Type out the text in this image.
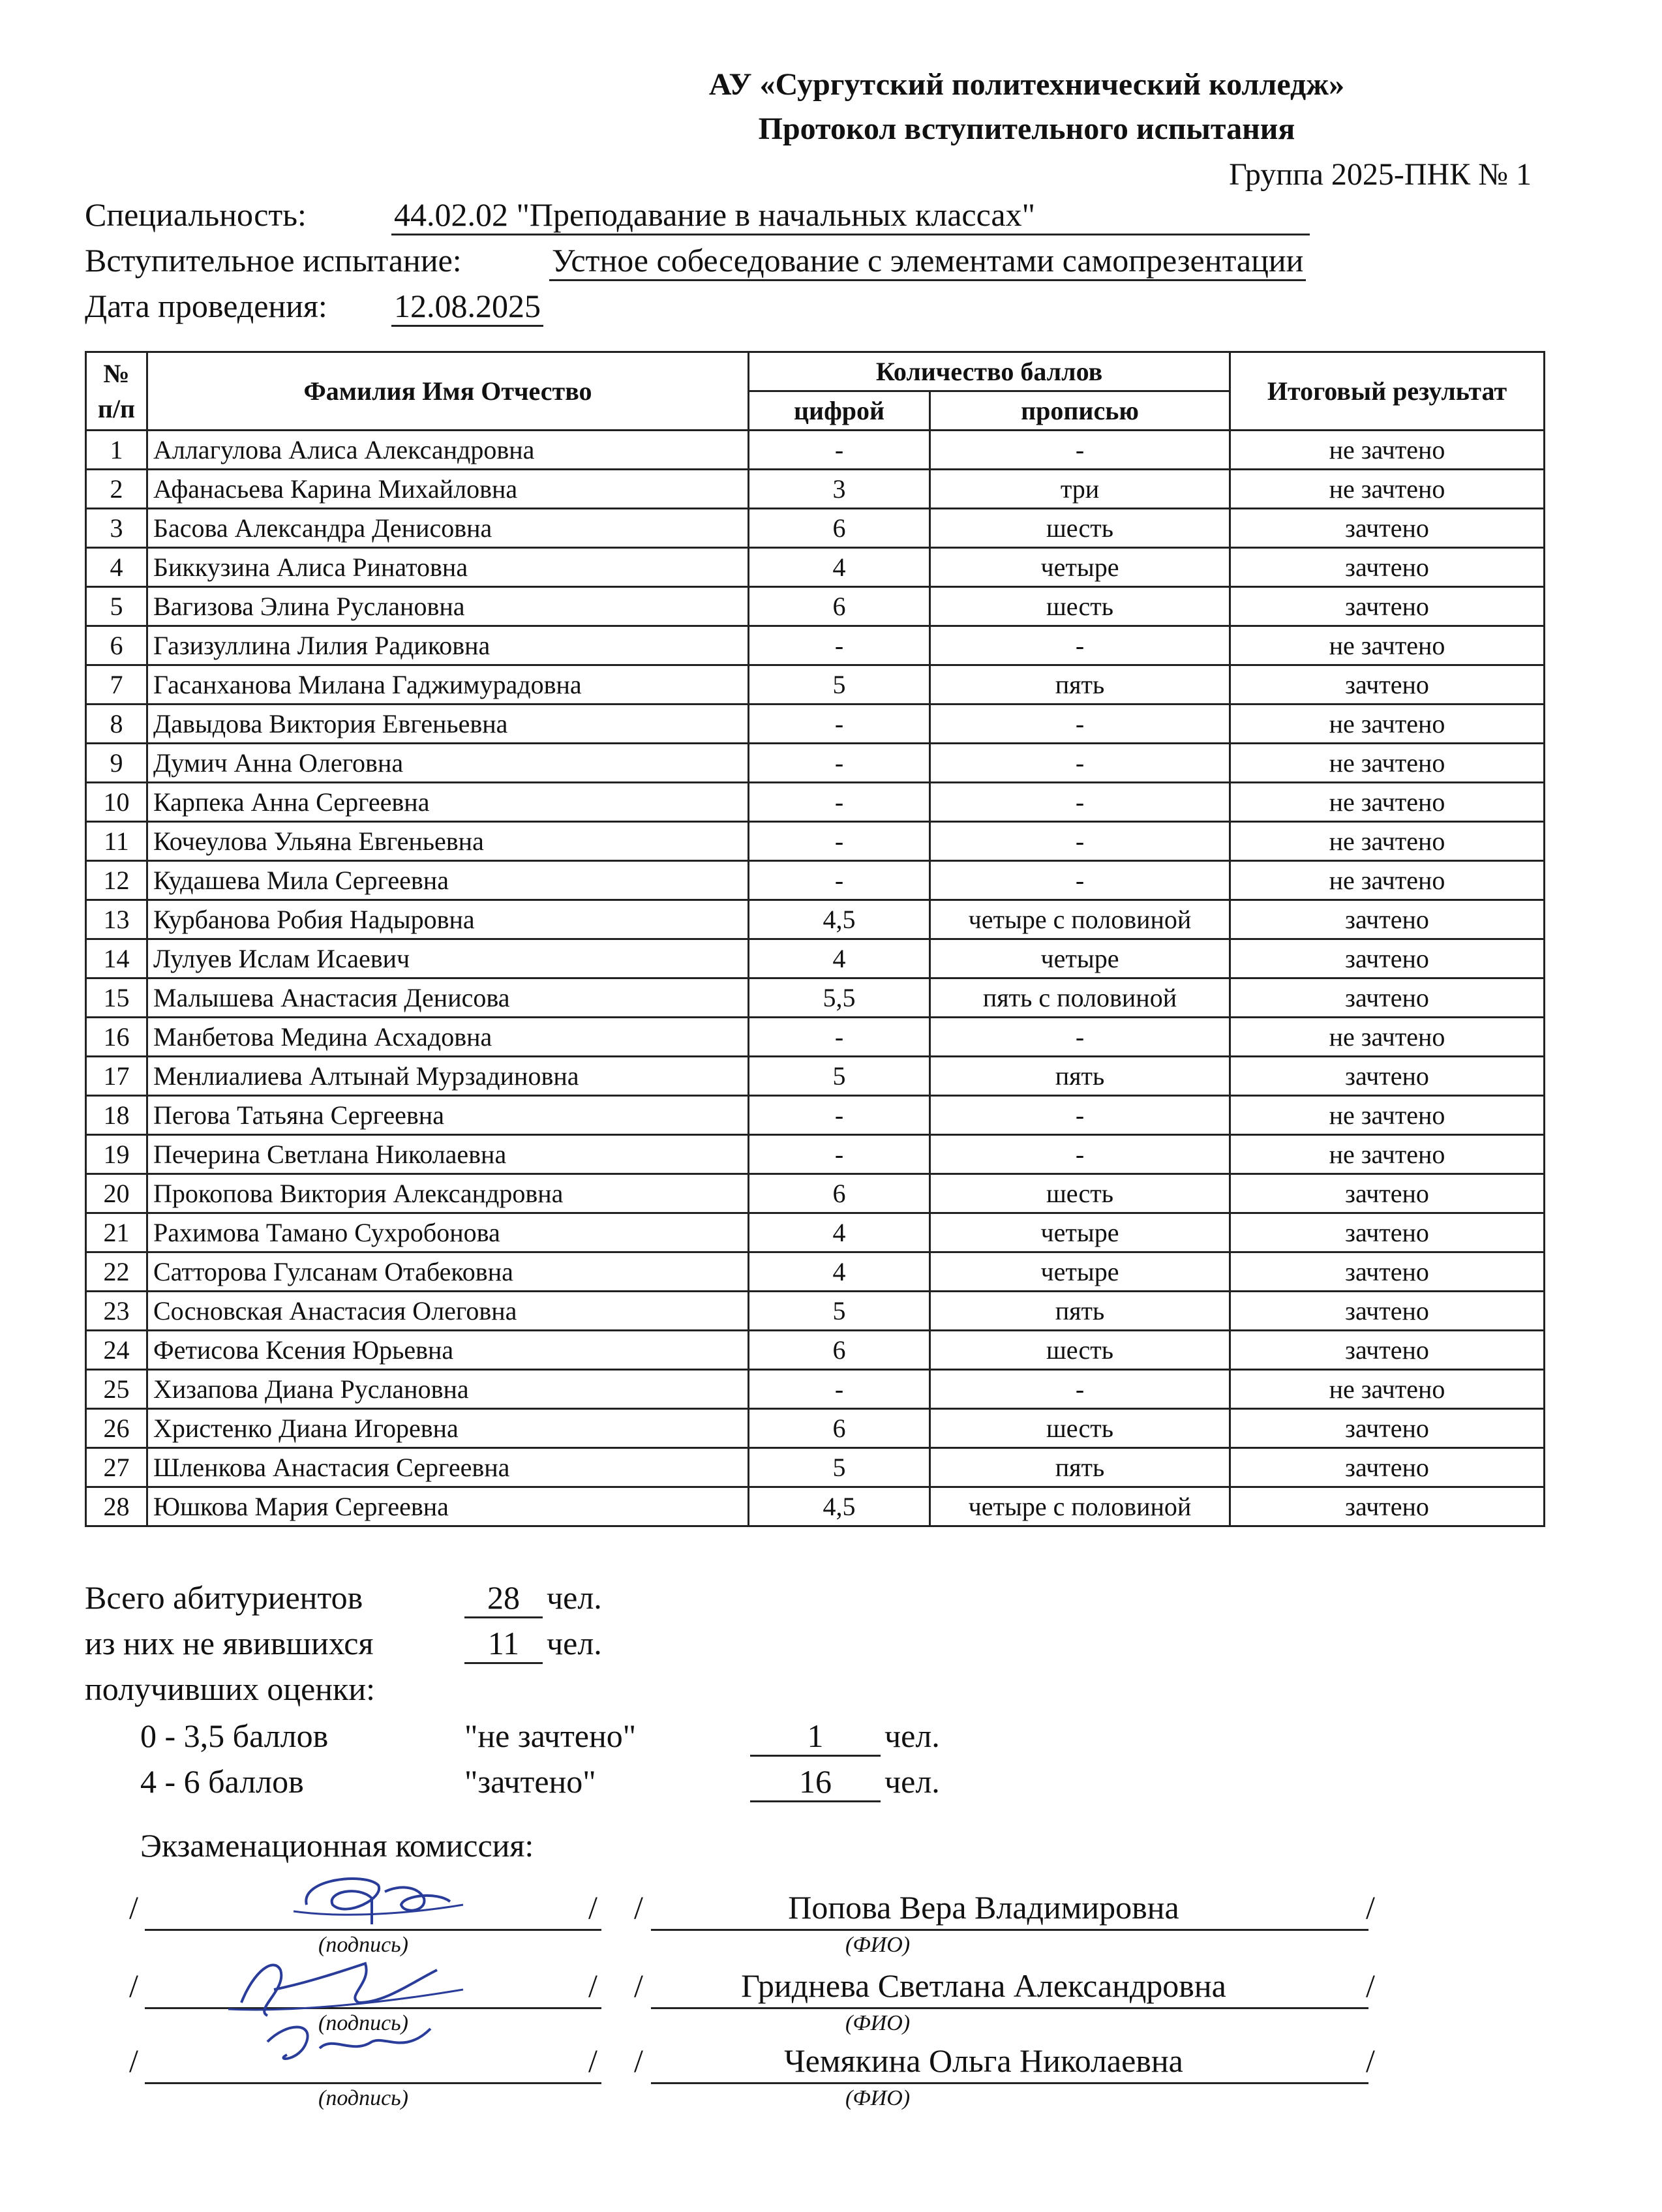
АУ «Сургутский политехнический колледж»
Протокол вступительного испытания
Группа 2025-ПНК № 1
Специальность:	44.02.02 "Преподавание в начальных классах"
Вступительное испытание:	Устное собеседование с элементами самопрезентации
Дата проведения: 12.08.2025
№ п/п	Фамилия Имя Отчество	Количество баллов		Итоговый результат
		цифрой	прописью	
1	Аллагулова Алиса Александровна	-	-	не зачтено
2	Афанасьева Карина Михайловна	3	три	не зачтено
3	Басова Александра Денисовна	6	шесть	зачтено
4	Биккузина Алиса Ринатовна	4	четыре	зачтено
5	Вагизова Элина Руслановна	6	шесть	зачтено
6	Газизуллина Лилия Радиковна	-	-	не зачтено
7	Гасанханова Милана Гаджимурадовна	5	пять	зачтено
8	Давыдова Виктория Евгеньевна	-	-	не зачтено
9	Думич Анна Олеговна	-	-	не зачтено
10	Карпека Анна Сергеевна	-	-	не зачтено
11	Кочеулова Ульяна Евгеньевна	-	-	не зачтено
12	Кудашева Мила Сергеевна	-	-	не зачтено
13	Курбанова Робия Надыровна	4,5	четыре с половиной	зачтено
14	Лулуев Ислам Исаевич	4	четыре	зачтено
15	Малышева Анастасия Денисова	5,5	пять с половиной	зачтено
16	Манбетова Медина Асхадовна	-	-	не зачтено
17	Менлиалиева Алтынай Мурзадиновна	5	пять	зачтено
18	Пегова Татьяна Сергеевна	-	-	не зачтено
19	Печерина Светлана Николаевна	-	-	не зачтено
20	Прокопова Виктория Александровна	6	шесть	зачтено
21	Рахимова Тамано Сухробонова	4	четыре	зачтено
22	Сатторова Гулсанам Отабековна	4	четыре	зачтено
23	Сосновская Анастасия Олеговна	5	пять	зачтено
24	Фетисова Ксения Юрьевна	6	шесть	зачтено
25	Хизапова Диана Руслановна	-	-	не зачтено
26	Христенко Диана Игоревна	6	шесть	зачтено
27	Шленкова Анастасия Сергеевна	5	пять	зачтено
28	Юшкова Мария Сергеевна	4,5	четыре с половиной	зачтено
Всего абитуриентов	28 чел.
из них не явившихся	11 чел.
получивших оценки:
0 - 3,5 баллов	"не зачтено"	1	чел.
4 - 6 баллов	"зачтено"	16	чел.
Экзаменационная комиссия:
/	/ /	Попова Вера Владимировна	/
(подпись)	(ФИО)
/	/ /	Гриднева Светлана Александровна	/
(подпись)	(ФИО)
/	/ /	Чемякина Ольга Николаевна	/
(подпись)	(ФИО)
